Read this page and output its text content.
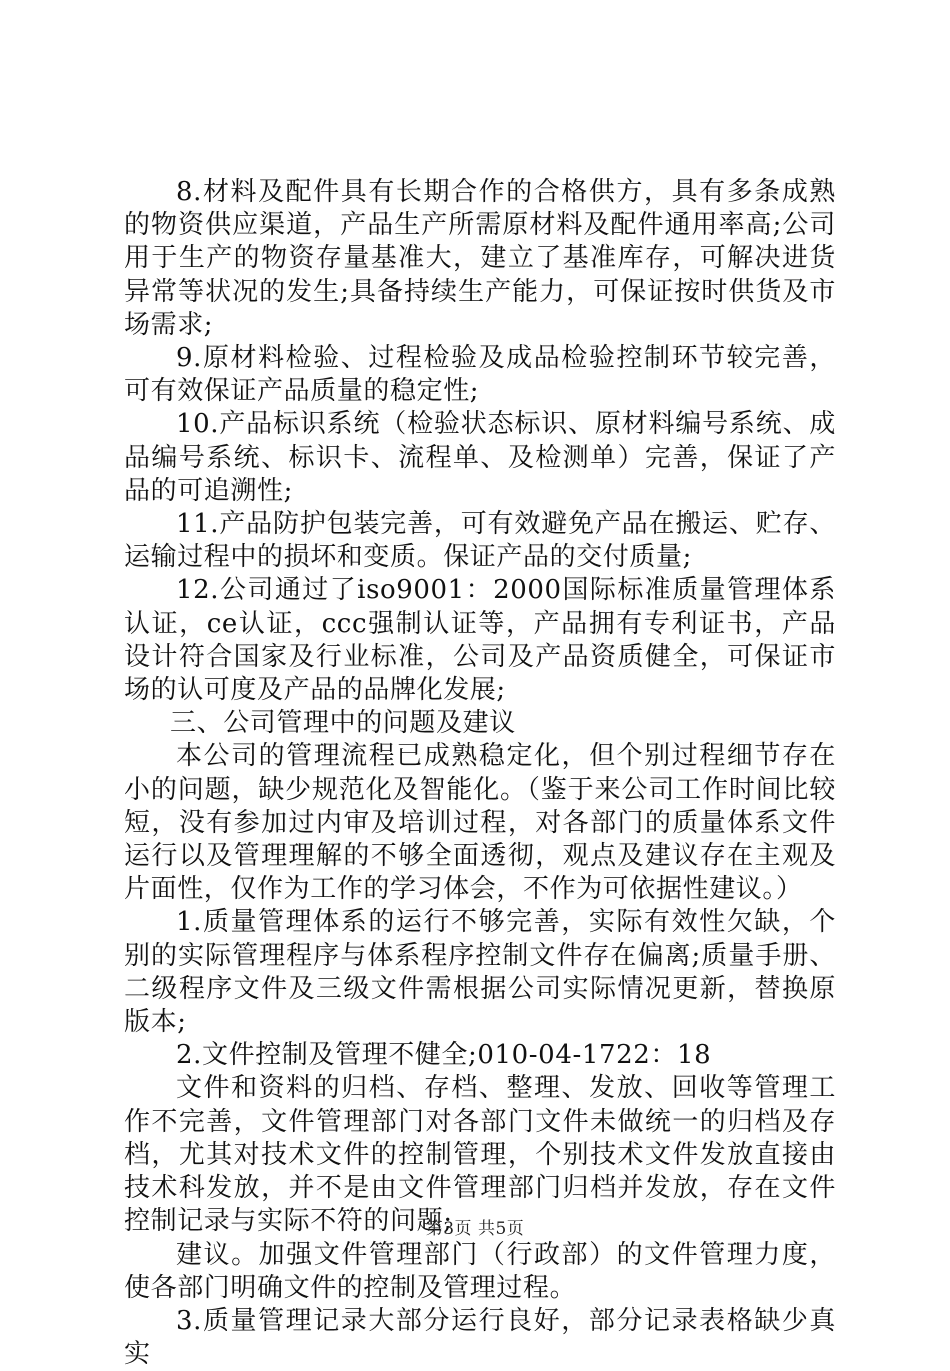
8.材料及配件具有长期合作的合格供方，具有多条成熟的物资供应渠道，产品生产所需原材料及配件通用率高;公司用于生产的物资存量基准大，建立了基准库存，可解决进货异常等状况的发生;具备持续生产能力，可保证按时供货及市场需求;

9.原材料检验、过程检验及成品检验控制环节较完善，可有效保证产品质量的稳定性;

10.产品标识系统（检验状态标识、原材料编号系统、成品编号系统、标识卡、流程单、及检测单）完善，保证了产品的可追溯性;

11.产品防护包装完善，可有效避免产品在搬运、贮存、运输过程中的损坏和变质。保证产品的交付质量;

12.公司通过了iso9001：2000国际标准质量管理体系认证，ce认证，ccc强制认证等，产品拥有专利证书，产品设计符合国家及行业标准，公司及产品资质健全，可保证市场的认可度及产品的品牌化发展;

三、公司管理中的问题及建议

本公司的管理流程已成熟稳定化，但个别过程细节存在小的问题，缺少规范化及智能化。（鉴于来公司工作时间比较短，没有参加过内审及培训过程，对各部门的质量体系文件运行以及管理理解的不够全面透彻，观点及建议存在主观及片面性，仅作为工作的学习体会，不作为可依据性建议。）

1.质量管理体系的运行不够完善，实际有效性欠缺，个别的实际管理程序与体系程序控制文件存在偏离;质量手册、二级程序文件及三级文件需根据公司实际情况更新，替换原版本;

2.文件控制及管理不健全;010-04-1722：18

文件和资料的归档、存档、整理、发放、回收等管理工作不完善，文件管理部门对各部门文件未做统一的归档及存档，尤其对技术文件的控制管理，个别技术文件发放直接由技术科发放，并不是由文件管理部门归档并发放，存在文件控制记录与实际不符的问题;

建议。加强文件管理部门（行政部）的文件管理力度，使各部门明确文件的控制及管理过程。

3.质量管理记录大部分运行良好，部分记录表格缺少真实

第3页 共5页
